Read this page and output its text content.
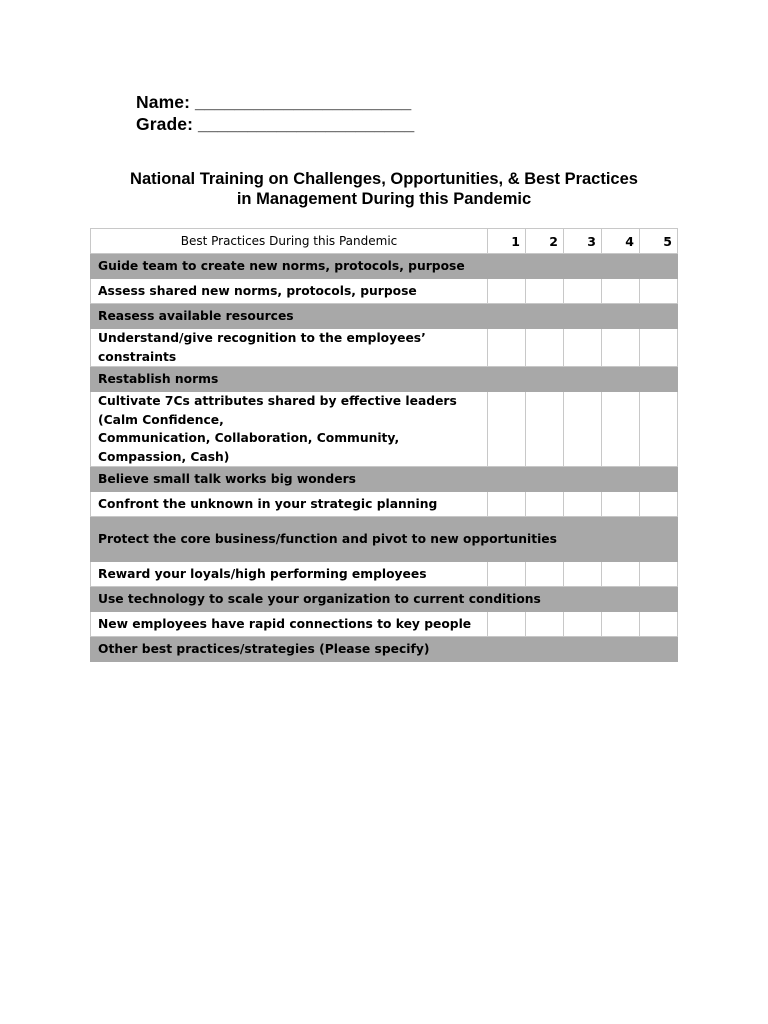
Name: ______________________
Grade: ______________________
National Training on Challenges, Opportunities, & Best Practices
in Management During this Pandemic
Best Practices During this Pandemic	1	2	3	4	5
Guide team to create new norms, protocols, purpose					
Assess shared new norms, protocols, purpose					
Reasess available resources					
Understand/give recognition to the employees’ constraints					
Restablish norms					
Cultivate 7Cs attributes shared by effective leaders (Calm Confidence,
Communication, Collaboration, Community, Compassion, Cash)					
Believe small talk works big wonders					
Confront the unknown in your strategic planning					
Protect the core business/function and pivot to new opportunities					
Reward your loyals/high performing employees					
Use technology to scale your organization to current conditions					
New employees have rapid connections to key people					
Other best practices/strategies (Please specify)					
